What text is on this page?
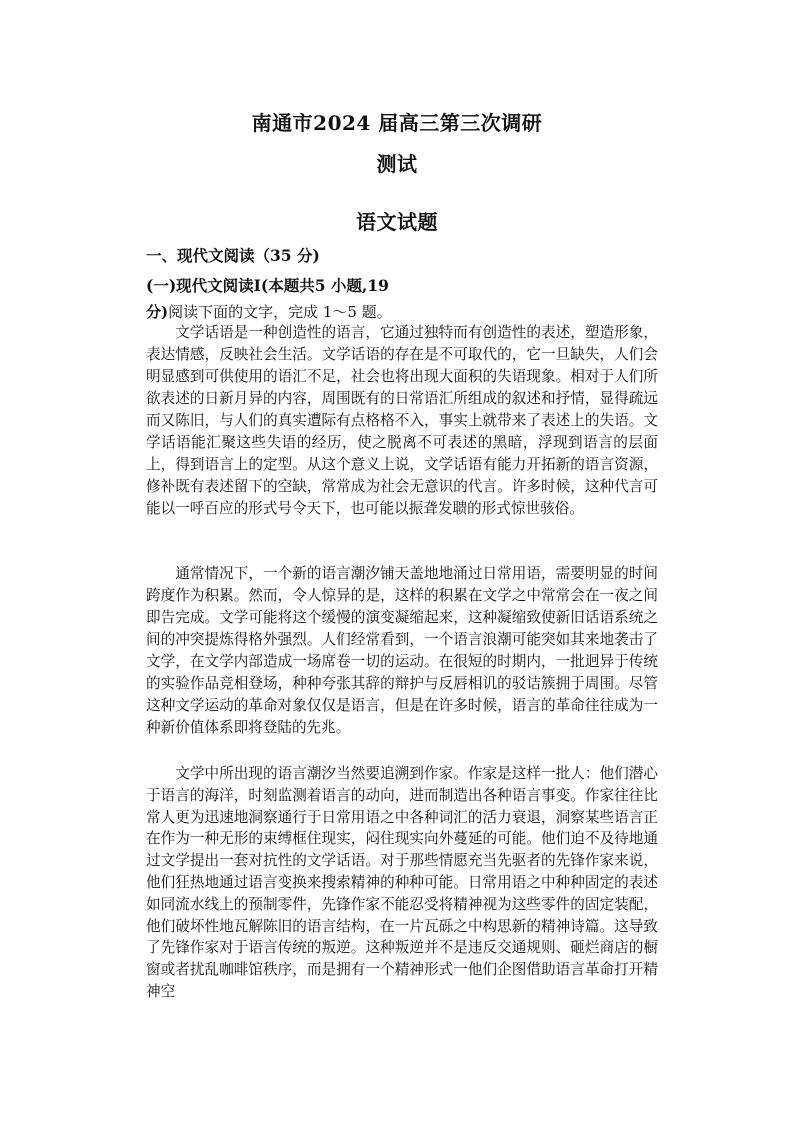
南通市2024 届高三第三次调研
测试
语文试题
一、现代文阅读（35 分)
(一)现代文阅读Ⅰ(本题共5 小题,19
分)阅读下面的文字，完成 1～5 题。

文学话语是一种创造性的语言，它通过独特而有创造性的表述，塑造形象，表达情感，反映社会生活。文学话语的存在是不可取代的，它一旦缺失，人们会明显感到可供使用的语汇不足，社会也将出现大面积的失语现象。相对于人们所欲表述的日新月异的内容，周围既有的日常语汇所组成的叙述和抒情，显得疏远而又陈旧，与人们的真实遭际有点格格不入，事实上就带来了表述上的失语。文学话语能汇聚这些失语的经历，使之脱离不可表述的黑暗，浮现到语言的层面上，得到语言上的定型。从这个意义上说，文学话语有能力开拓新的语言资源，修补既有表述留下的空缺，常常成为社会无意识的代言。许多时候，这种代言可能以一呼百应的形式号令天下，也可能以振聋发聩的形式惊世骇俗。

通常情况下，一个新的语言潮汐铺天盖地地涌过日常用语，需要明显的时间跨度作为积累。然而，令人惊异的是，这样的积累在文学之中常常会在一夜之间即告完成。文学可能将这个缓慢的演变凝缩起来，这种凝缩致使新旧话语系统之间的冲突提炼得格外强烈。人们经常看到，一个语言浪潮可能突如其来地袭击了文学，在文学内部造成一场席卷一切的运动。在很短的时期内，一批迥异于传统的实验作品竞相登场，种种夸张其辞的辩护与反唇相讥的驳诘簇拥于周围。尽管这种文学运动的革命对象仅仅是语言，但是在许多时候，语言的革命往往成为一种新价值体系即将登陆的先兆。

文学中所出现的语言潮汐当然要追溯到作家。作家是这样一批人：他们潜心于语言的海洋，时刻监测着语言的动向，进而制造出各种语言事变。作家往往比常人更为迅速地洞察通行于日常用语之中各种词汇的活力衰退，洞察某些语言正在作为一种无形的束缚框住现实，闷住现实向外蔓延的可能。他们迫不及待地通过文学提出一套对抗性的文学话语。对于那些情愿充当先驱者的先锋作家来说，他们狂热地通过语言变换来搜索精神的种种可能。日常用语之中种种固定的表述如同流水线上的预制零件，先锋作家不能忍受将精神视为这些零件的固定装配，他们破坏性地瓦解陈旧的语言结构，在一片瓦砾之中构思新的精神诗篇。这导致了先锋作家对于语言传统的叛逆。这种叛逆并不是违反交通规则、砸烂商店的橱窗或者扰乱咖啡馆秩序，而是拥有一个精神形式一他们企图借助语言革命打开精神空
